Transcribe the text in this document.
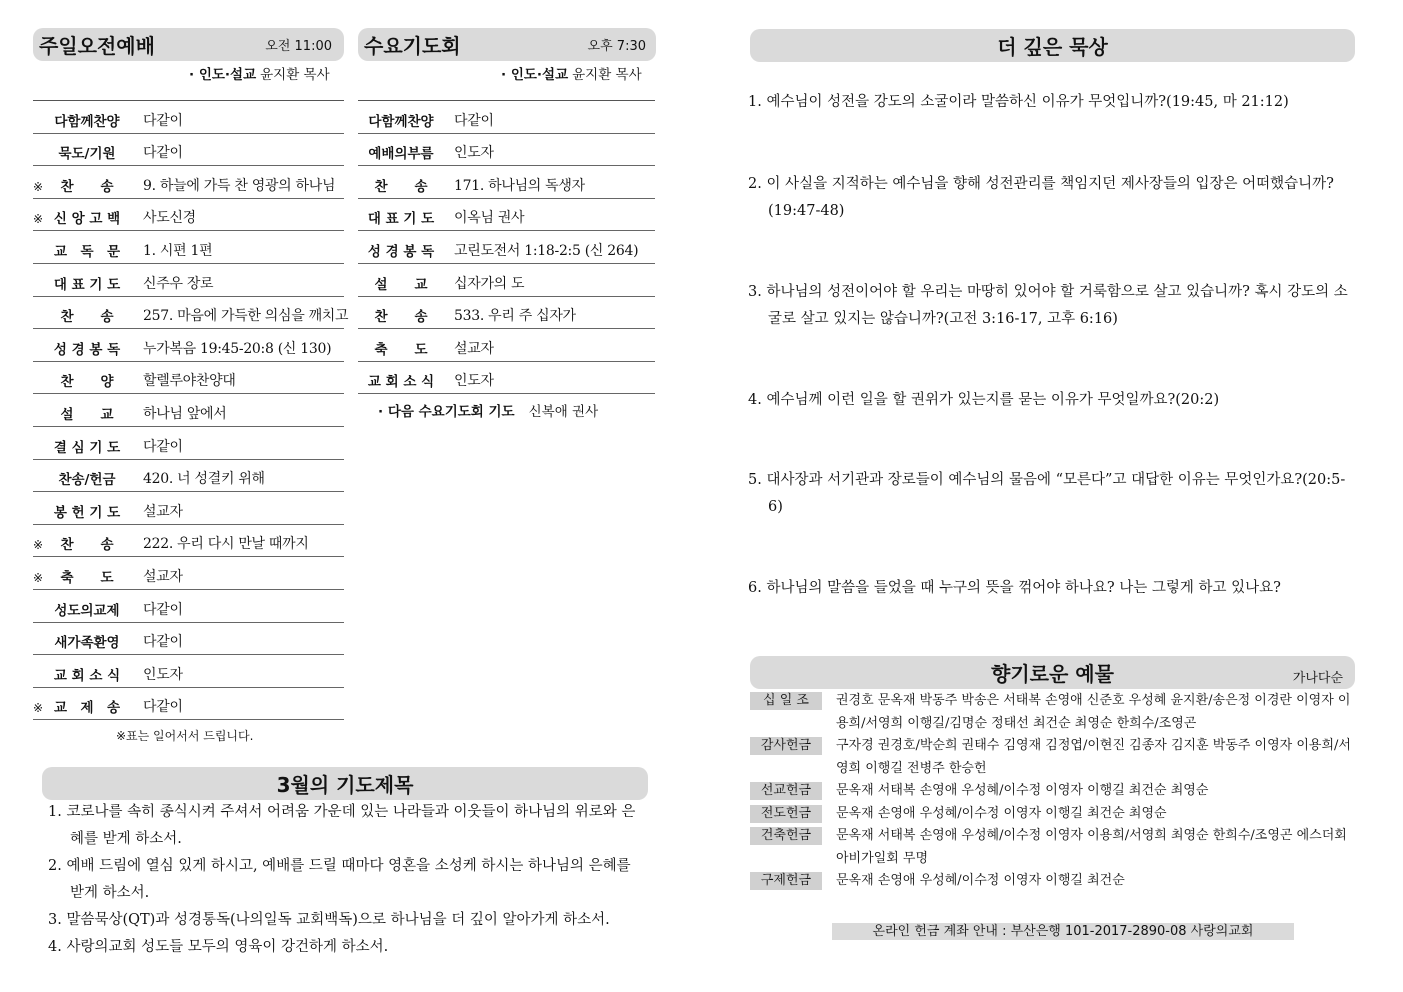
주일오전예배	오전 11:00
· 인도·설교 윤지환 목사
다함께찬양	다같이
묵도/기원	다같이
※	찬　　송	9. 하늘에 가득 찬 영광의 하나님
※ 신 앙 고 백	사도신경
교　독　문	1. 시편 1편
대 표 기 도	신주우 장로
찬　　송	257. 마음에 가득한 의심을 깨치고
성 경 봉 독	누가복음 19:45-20:8 (신 130)
찬　　양	할렐루야찬양대
설　　교	하나님 앞에서
결 심 기 도	다같이
찬송/헌금	420. 너 성결키 위해
봉 헌 기 도	설교자
※	찬　　송	222. 우리 다시 만날 때까지
※	축　　도	설교자
성도의교제	다같이
새가족환영	다같이
교 회 소 식	인도자
※ 교　제　송	다같이
※표는 일어서서 드립니다.
수요기도회	오후 7:30
· 인도·설교 윤지환 목사
다함께찬양	다같이
예배의부름	인도자
찬　　송	171. 하나님의 독생자
대 표 기 도	이옥님 권사
성 경 봉 독	고린도전서 1:18-2:5 (신 264)
설　　교	십자가의 도
찬　　송	533. 우리 주 십자가
축　　도	설교자
교 회 소 식	인도자
· 다음 수요기도회 기도 신복애 권사
3월의 기도제목
1. 코로나를 속히 종식시켜 주셔서 어려움 가운데 있는 나라들과 이웃들이 하나님의 위로와 은혜를 받게 하소서.
2. 예배 드림에 열심 있게 하시고, 예배를 드릴 때마다 영혼을 소성케 하시는 하나님의 은혜를 받게 하소서.
3. 말씀묵상(QT)과 성경통독(나의일독 교회백독)으로 하나님을 더 깊이 알아가게 하소서.
4. 사랑의교회 성도들 모두의 영육이 강건하게 하소서.
더 깊은 묵상
1. 예수님이 성전을 강도의 소굴이라 말씀하신 이유가 무엇입니까?(19:45, 마 21:12)
2. 이 사실을 지적하는 예수님을 향해 성전관리를 책임지던 제사장들의 입장은 어떠했습니까?(19:47-48)
3. 하나님의 성전이어야 할 우리는 마땅히 있어야 할 거룩함으로 살고 있습니까? 혹시 강도의 소굴로 살고 있지는 않습니까?(고전 3:16-17, 고후 6:16)
4. 예수님께 이런 일을 할 권위가 있는지를 묻는 이유가 무엇일까요?(20:2)
5. 대사장과 서기관과 장로들이 예수님의 물음에 “모른다”고 대답한 이유는 무엇인가요?(20:5-6)
6. 하나님의 말씀을 들었을 때 누구의 뜻을 꺾어야 하나요? 나는 그렇게 하고 있나요?
향기로운 예물	가나다순
십 일 조	권경호 문옥재 박동주 박송은 서태복 손영애 신준호 우성혜 윤지환/송은정 이경란 이영자 이용희/서영희 이행길/김명순 정태선 최건순 최영순 한희수/조영곤
감사헌금	구자경 권경호/박순희 권태수 김영재 김정엽/이현진 김종자 김지훈 박동주 이영자 이용희/서영희 이행길 전병주 한승헌
선교헌금	문옥재 서태복 손영애 우성혜/이수정 이영자 이행길 최건순 최영순
전도헌금	문옥재 손영애 우성혜/이수정 이영자 이행길 최건순 최영순
건축헌금	문옥재 서태복 손영애 우성혜/이수정 이영자 이용희/서영희 최영순 한희수/조영곤 에스더회 아비가일회 무명
구제헌금	문옥재 손영애 우성혜/이수정 이영자 이행길 최건순
온라인 헌금 계좌 안내 : 부산은행 101-2017-2890-08 사랑의교회
